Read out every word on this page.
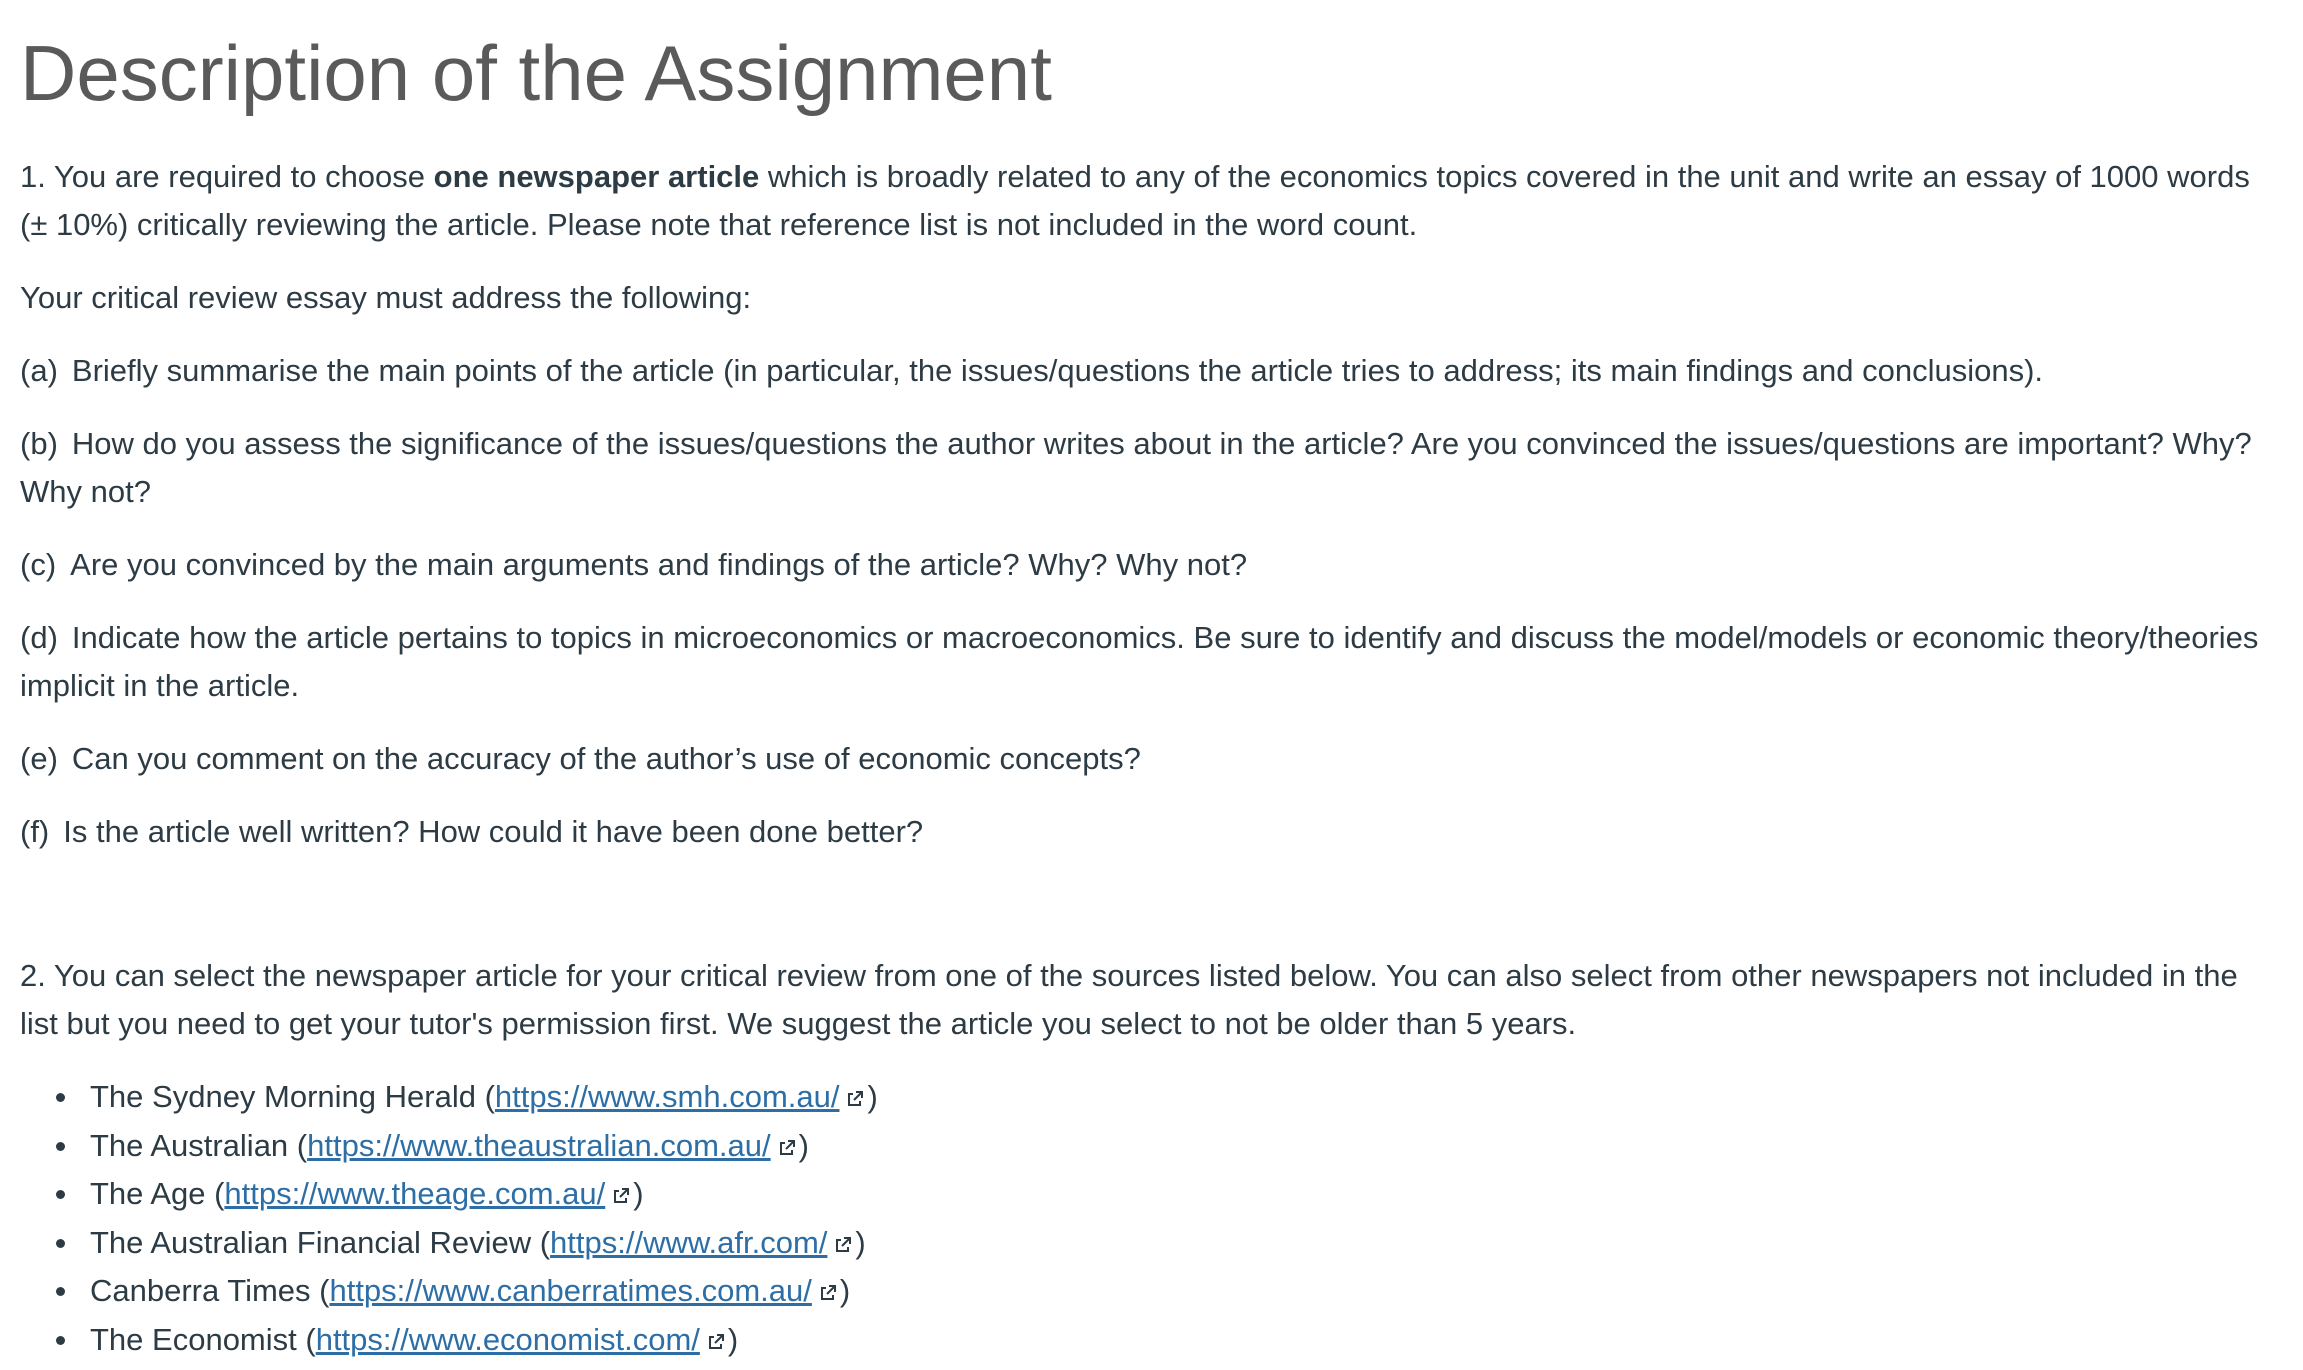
Description of the Assignment

1. You are required to choose one newspaper article which is broadly related to any of the economics topics covered in the unit and write an essay of 1000 words (± 10%) critically reviewing the article. Please note that reference list is not included in the word count.

Your critical review essay must address the following:

(a) Briefly summarise the main points of the article (in particular, the issues/questions the article tries to address; its main findings and conclusions).

(b) How do you assess the significance of the issues/questions the author writes about in the article? Are you convinced the issues/questions are important? Why? Why not?

(c) Are you convinced by the main arguments and findings of the article? Why? Why not?

(d) Indicate how the article pertains to topics in microeconomics or macroeconomics. Be sure to identify and discuss the model/models or economic theory/theories implicit in the article.

(e) Can you comment on the accuracy of the author’s use of economic concepts?

(f) Is the article well written? How could it have been done better?

2. You can select the newspaper article for your critical review from one of the sources listed below. You can also select from other newspapers not included in the list but you need to get your tutor's permission first. We suggest the article you select to not be older than 5 years.

The Sydney Morning Herald (https://www.smh.com.au/ )
The Australian (https://www.theaustralian.com.au/ )
The Age (https://www.theage.com.au/ )
The Australian Financial Review (https://www.afr.com/ )
Canberra Times (https://www.canberratimes.com.au/ )
The Economist (https://www.economist.com/ )
